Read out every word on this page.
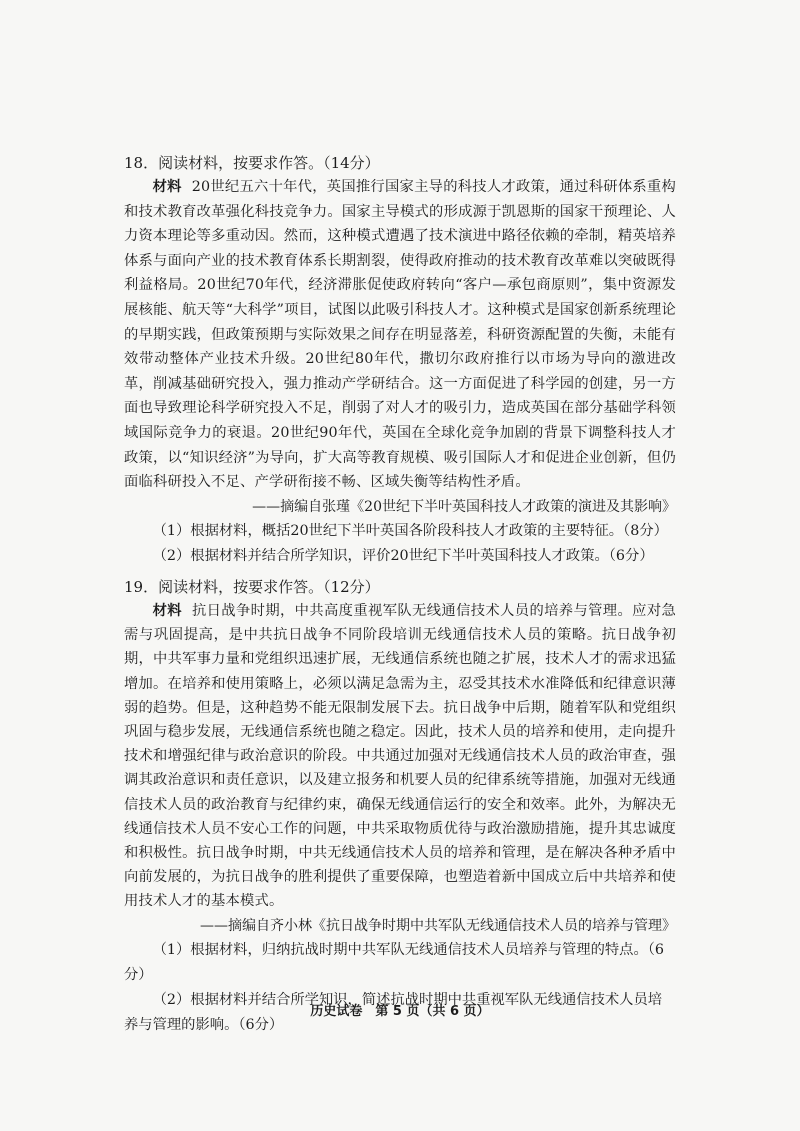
18．阅读材料，按要求作答。（14分）

材料 20世纪五六十年代，英国推行国家主导的科技人才政策，通过科研体系重构和技术教育改革强化科技竞争力。国家主导模式的形成源于凯恩斯的国家干预理论、人力资本理论等多重动因。然而，这种模式遭遇了技术演进中路径依赖的牵制，精英培养体系与面向产业的技术教育体系长期割裂，使得政府推动的技术教育改革难以突破既得利益格局。20世纪70年代，经济滞胀促使政府转向“客户—承包商原则”，集中资源发展核能、航天等“大科学”项目，试图以此吸引科技人才。这种模式是国家创新系统理论的早期实践，但政策预期与实际效果之间存在明显落差，科研资源配置的失衡，未能有效带动整体产业技术升级。20世纪80年代，撒切尔政府推行以市场为导向的激进改革，削减基础研究投入，强力推动产学研结合。这一方面促进了科学园的创建，另一方面也导致理论科学研究投入不足，削弱了对人才的吸引力，造成英国在部分基础学科领域国际竞争力的衰退。20世纪90年代，英国在全球化竞争加剧的背景下调整科技人才政策，以“知识经济”为导向，扩大高等教育规模、吸引国际人才和促进企业创新，但仍面临科研投入不足、产学研衔接不畅、区域失衡等结构性矛盾。

——摘编自张瑾《20世纪下半叶英国科技人才政策的演进及其影响》

（1）根据材料，概括20世纪下半叶英国各阶段科技人才政策的主要特征。（8分）

（2）根据材料并结合所学知识，评价20世纪下半叶英国科技人才政策。（6分）

19．阅读材料，按要求作答。（12分）

材料 抗日战争时期，中共高度重视军队无线通信技术人员的培养与管理。应对急需与巩固提高，是中共抗日战争不同阶段培训无线通信技术人员的策略。抗日战争初期，中共军事力量和党组织迅速扩展，无线通信系统也随之扩展，技术人才的需求迅猛增加。在培养和使用策略上，必须以满足急需为主，忍受其技术水准降低和纪律意识薄弱的趋势。但是，这种趋势不能无限制发展下去。抗日战争中后期，随着军队和党组织巩固与稳步发展，无线通信系统也随之稳定。因此，技术人员的培养和使用，走向提升技术和增强纪律与政治意识的阶段。中共通过加强对无线通信技术人员的政治审查，强调其政治意识和责任意识，以及建立报务和机要人员的纪律系统等措施，加强对无线通信技术人员的政治教育与纪律约束，确保无线通信运行的安全和效率。此外，为解决无线通信技术人员不安心工作的问题，中共采取物质优待与政治激励措施，提升其忠诚度和积极性。抗日战争时期，中共无线通信技术人员的培养和管理，是在解决各种矛盾中向前发展的，为抗日战争的胜利提供了重要保障，也塑造着新中国成立后中共培养和使用技术人才的基本模式。

——摘编自齐小林《抗日战争时期中共军队无线通信技术人员的培养与管理》

（1）根据材料，归纳抗战时期中共军队无线通信技术人员培养与管理的特点。（6分）

（2）根据材料并结合所学知识，简述抗战时期中共重视军队无线通信技术人员培养与管理的影响。（6分）

历史试卷　第 5 页（共 6 页）
